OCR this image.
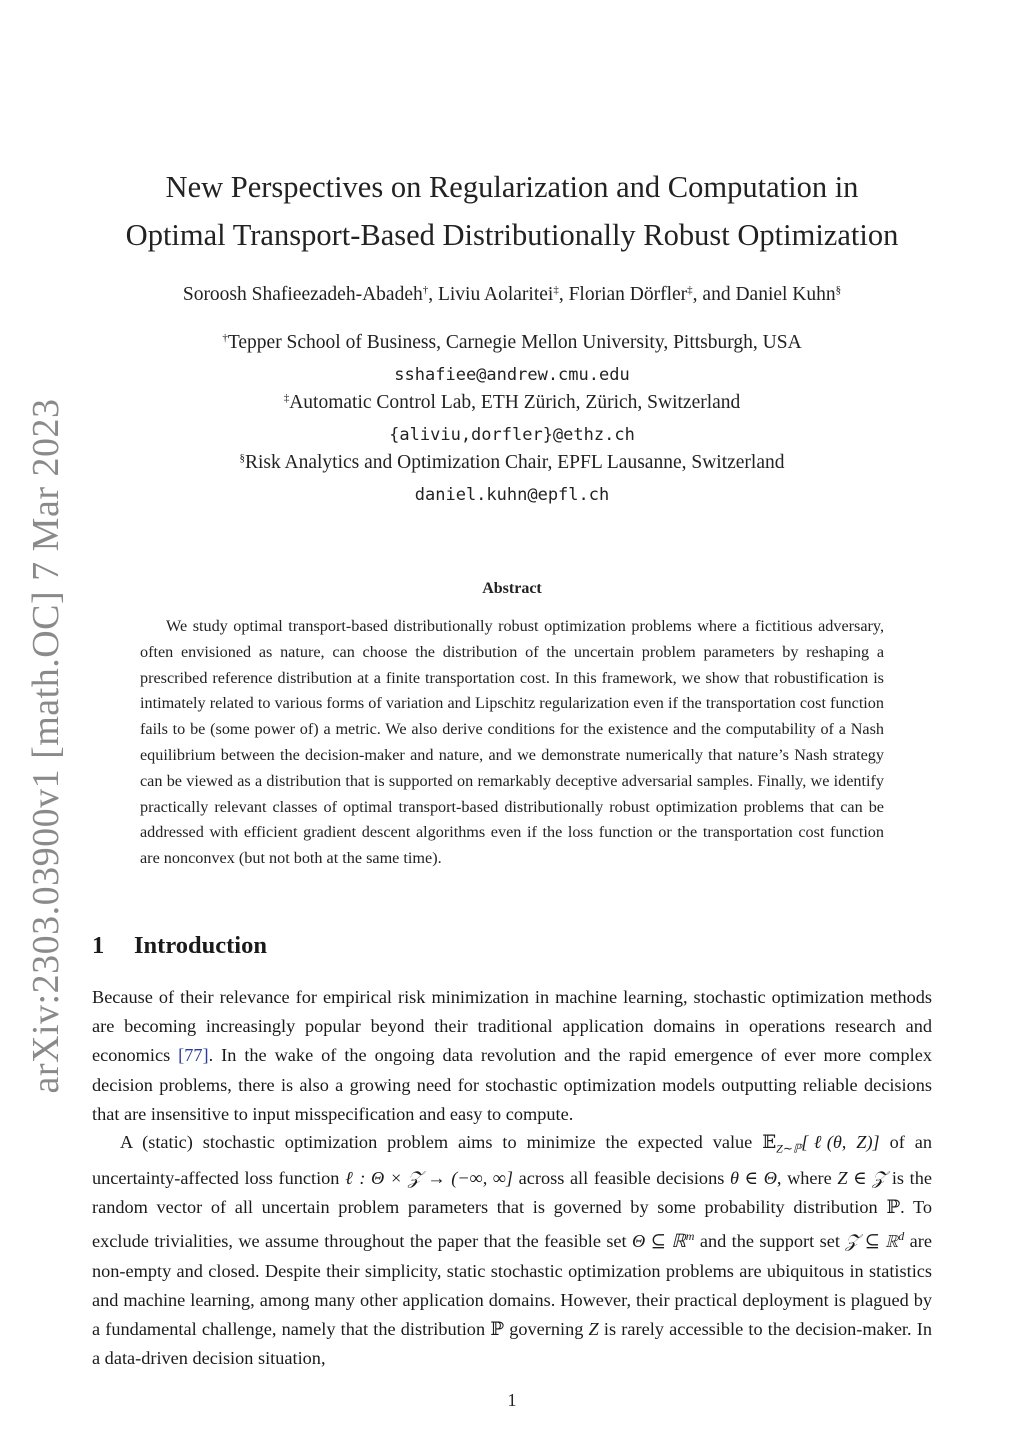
arXiv:2303.03900v1 [math.OC] 7 Mar 2023
New Perspectives on Regularization and Computation in
Optimal Transport-Based Distributionally Robust Optimization
Soroosh Shafieezadeh-Abadeh†, Liviu Aolaritei‡, Florian Dörfler‡, and Daniel Kuhn§
†Tepper School of Business, Carnegie Mellon University, Pittsburgh, USA
sshafiee@andrew.cmu.edu
‡Automatic Control Lab, ETH Zürich, Zürich, Switzerland
{aliviu,dorfler}@ethz.ch
§Risk Analytics and Optimization Chair, EPFL Lausanne, Switzerland
daniel.kuhn@epfl.ch
Abstract

We study optimal transport-based distributionally robust optimization problems where a fictitious adversary, often envisioned as nature, can choose the distribution of the uncertain problem parameters by reshaping a prescribed reference distribution at a finite transportation cost. In this framework, we show that robustification is intimately related to various forms of variation and Lipschitz regularization even if the transportation cost function fails to be (some power of) a metric. We also derive conditions for the existence and the computability of a Nash equilibrium between the decision-maker and nature, and we demonstrate numerically that nature’s Nash strategy can be viewed as a distribution that is supported on remarkably deceptive adversarial samples. Finally, we identify practically relevant classes of optimal transport-based distributionally robust optimization problems that can be addressed with efficient gradient descent algorithms even if the loss function or the transportation cost function are nonconvex (but not both at the same time).

1 Introduction

Because of their relevance for empirical risk minimization in machine learning, stochastic optimization methods are becoming increasingly popular beyond their traditional application domains in operations research and economics [77]. In the wake of the ongoing data revolution and the rapid emergence of ever more complex decision problems, there is also a growing need for stochastic optimization models outputting reliable decisions that are insensitive to input misspecification and easy to compute.

A (static) stochastic optimization problem aims to minimize the expected value 𝔼$_{Z\sim ℙ}$[ℓ(θ, Z)] of an uncertainty-affected loss function ℓ : Θ × 𝒵 → (−∞, ∞] across all feasible decisions θ ∈ Θ, where Z ∈ 𝒵 is the random vector of all uncertain problem parameters that is governed by some probability distribution ℙ. To exclude trivialities, we assume throughout the paper that the feasible set Θ ⊆ ℝ$^m$ and the support set 𝒵 ⊆ ℝ$^d$ are non-empty and closed. Despite their simplicity, static stochastic optimization problems are ubiquitous in statistics and machine learning, among many other application domains. However, their practical deployment is plagued by a fundamental challenge, namely that the distribution ℙ governing Z is rarely accessible to the decision-maker. In a data-driven decision situation,

1
